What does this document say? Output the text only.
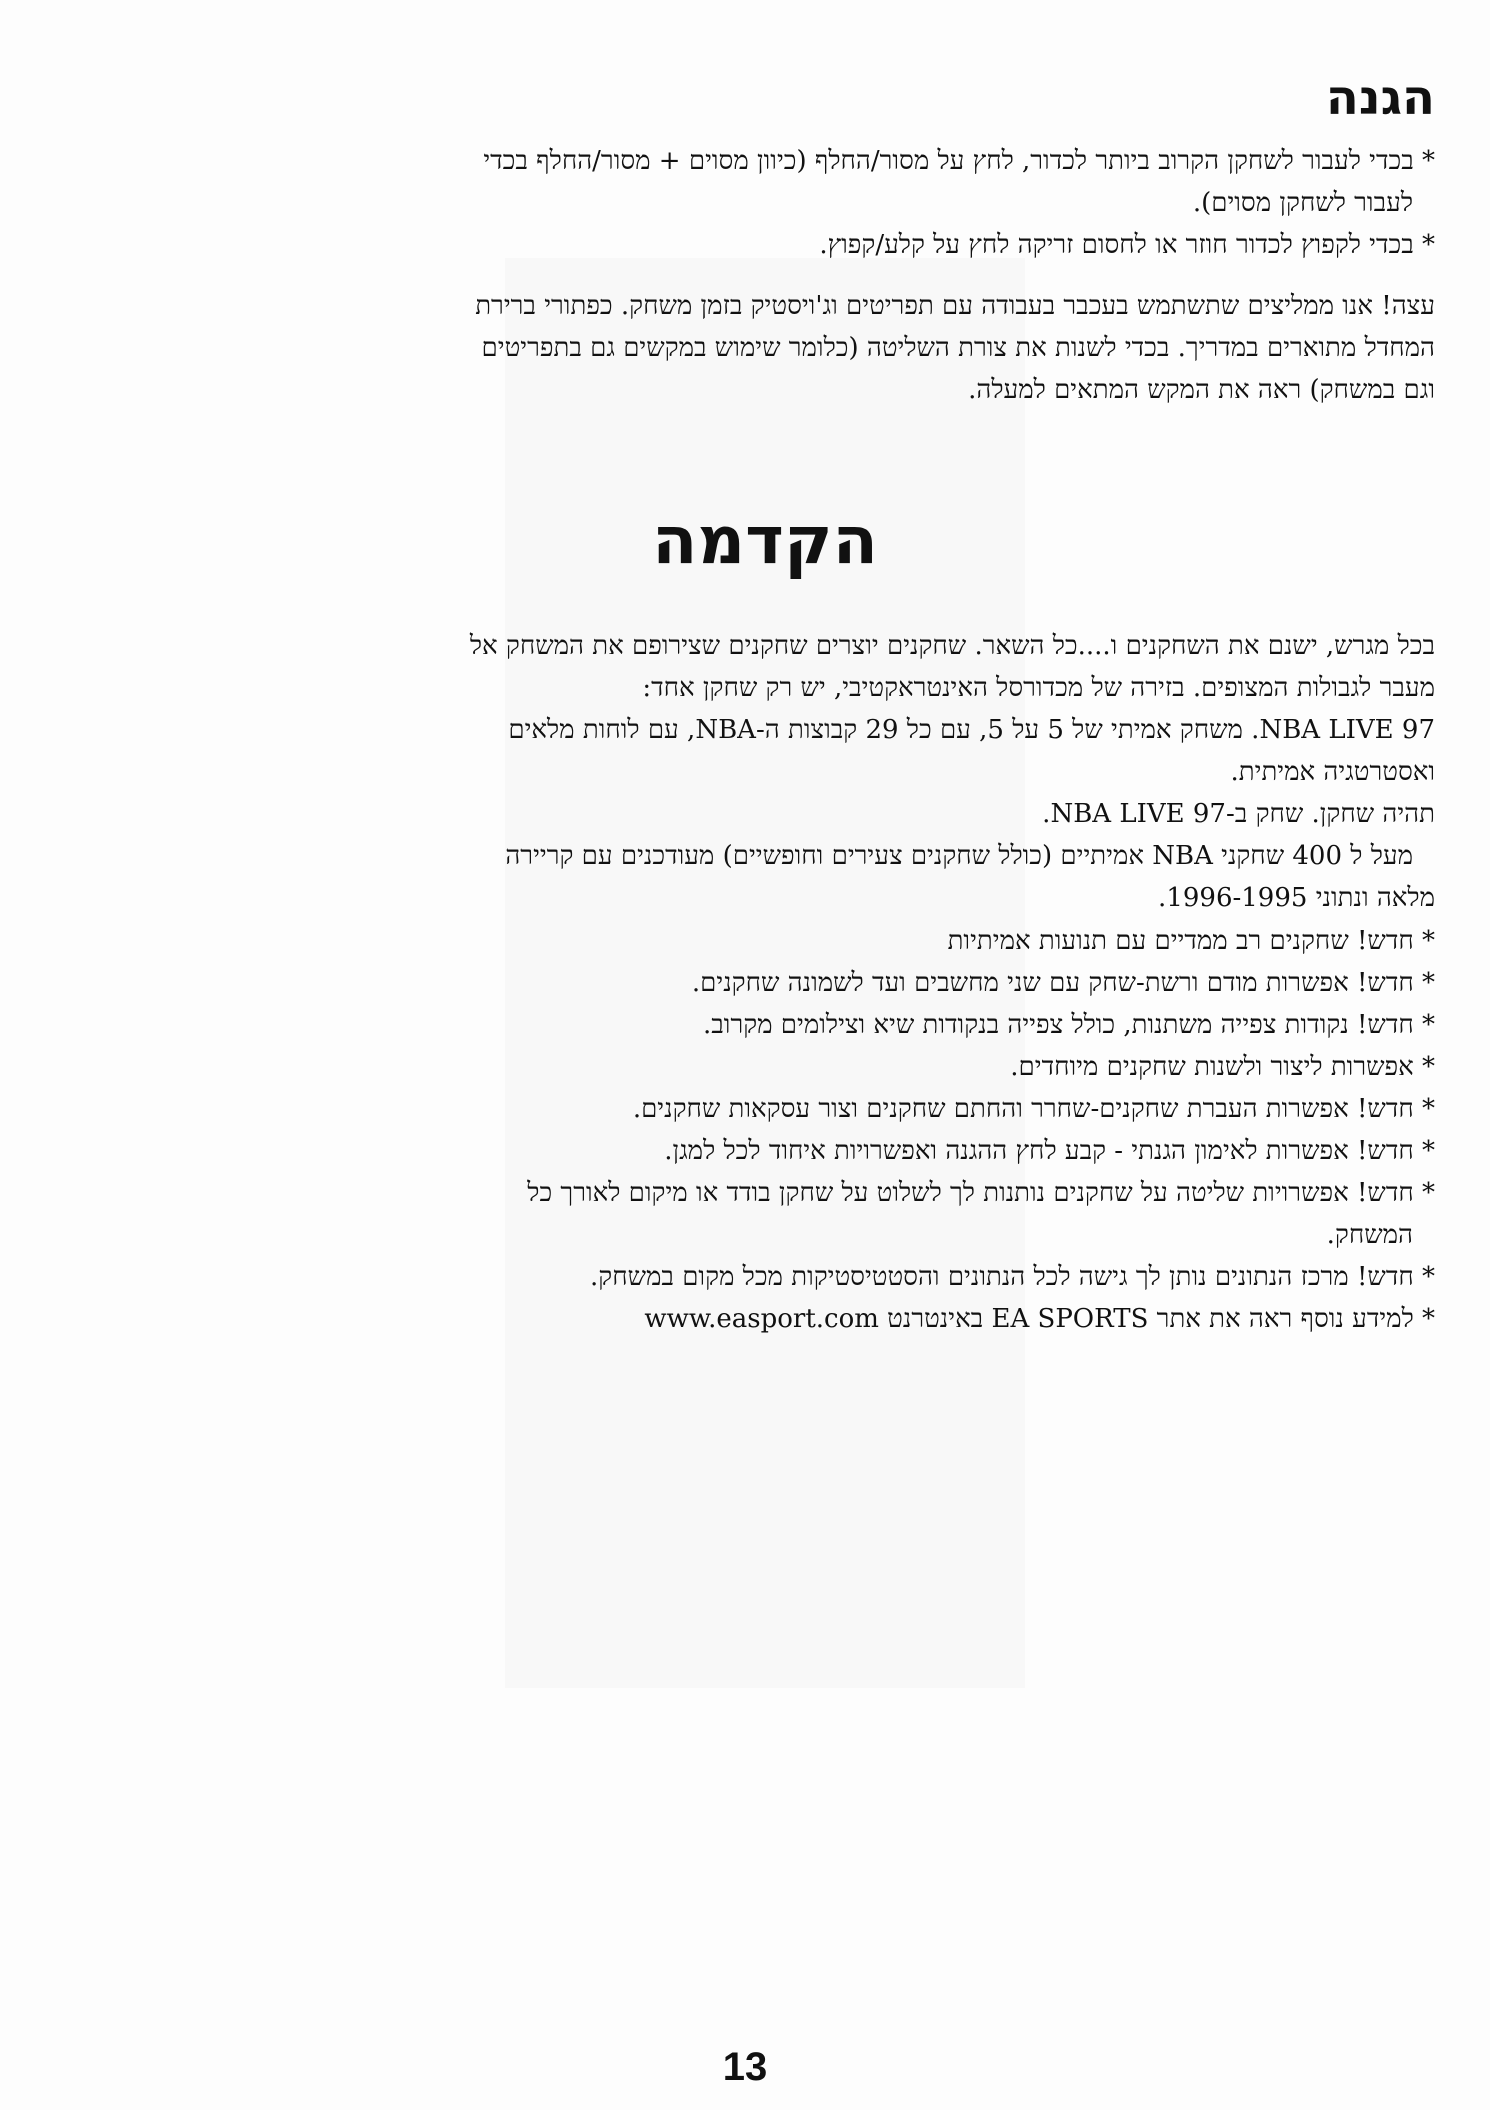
הגנה

* בכדי לעבור לשחקן הקרוב ביותר לכדור, לחץ על מסור/החלף (כיוון מסוים + מסור/החלף בכדי

לעבור לשחקן מסוים).

* בכדי לקפוץ לכדור חוזר או לחסום זריקה לחץ על קלע/קפוץ.

עצה! אנו ממליצים שתשתמש בעכבר בעבודה עם תפריטים וג'ויסטיק בזמן משחק. כפתורי ברירת

המחדל מתוארים במדריך. בכדי לשנות את צורת השליטה (כלומר שימוש במקשים גם בתפריטים

וגם במשחק) ראה את המקש המתאים למעלה.

הקדמה

בכל מגרש, ישנם את השחקנים ו....כל השאר. שחקנים יוצרים שחקנים שצירופם את המשחק אל

מעבר לגבולות המצופים. בזירה של מכדורסל האינטראקטיבי, יש רק שחקן אחד:

NBA LIVE 97. משחק אמיתי של 5 על 5, עם כל 29 קבוצות ה-NBA, עם לוחות מלאים

ואסטרטגיה אמיתית.

תהיה שחקן. שחק ב-NBA LIVE 97.

מעל ל 400 שחקני NBA אמיתיים (כולל שחקנים צעירים וחופשיים) מעודכנים עם קריירה

מלאה ונתוני 1996-1995.

* חדש! שחקנים רב ממדיים עם תנועות אמיתיות

* חדש! אפשרות מודם ורשת-שחק עם שני מחשבים ועד לשמונה שחקנים.

* חדש! נקודות צפייה משתנות, כולל צפייה בנקודות שיא וצילומים מקרוב.

* אפשרות ליצור ולשנות שחקנים מיוחדים.

* חדש! אפשרות העברת שחקנים-שחרר והחתם שחקנים וצור עסקאות שחקנים.

* חדש! אפשרות לאימון הגנתי - קבע לחץ ההגנה ואפשרויות איחוד לכל למגן.

* חדש! אפשרויות שליטה על שחקנים נותנות לך לשלוט על שחקן בודד או מיקום לאורך כל

המשחק.

* חדש! מרכז הנתונים נותן לך גישה לכל הנתונים והסטטיסטיקות מכל מקום במשחק.

* למידע נוסף ראה את אתר EA SPORTS באינטרנט www.easport.com

13
